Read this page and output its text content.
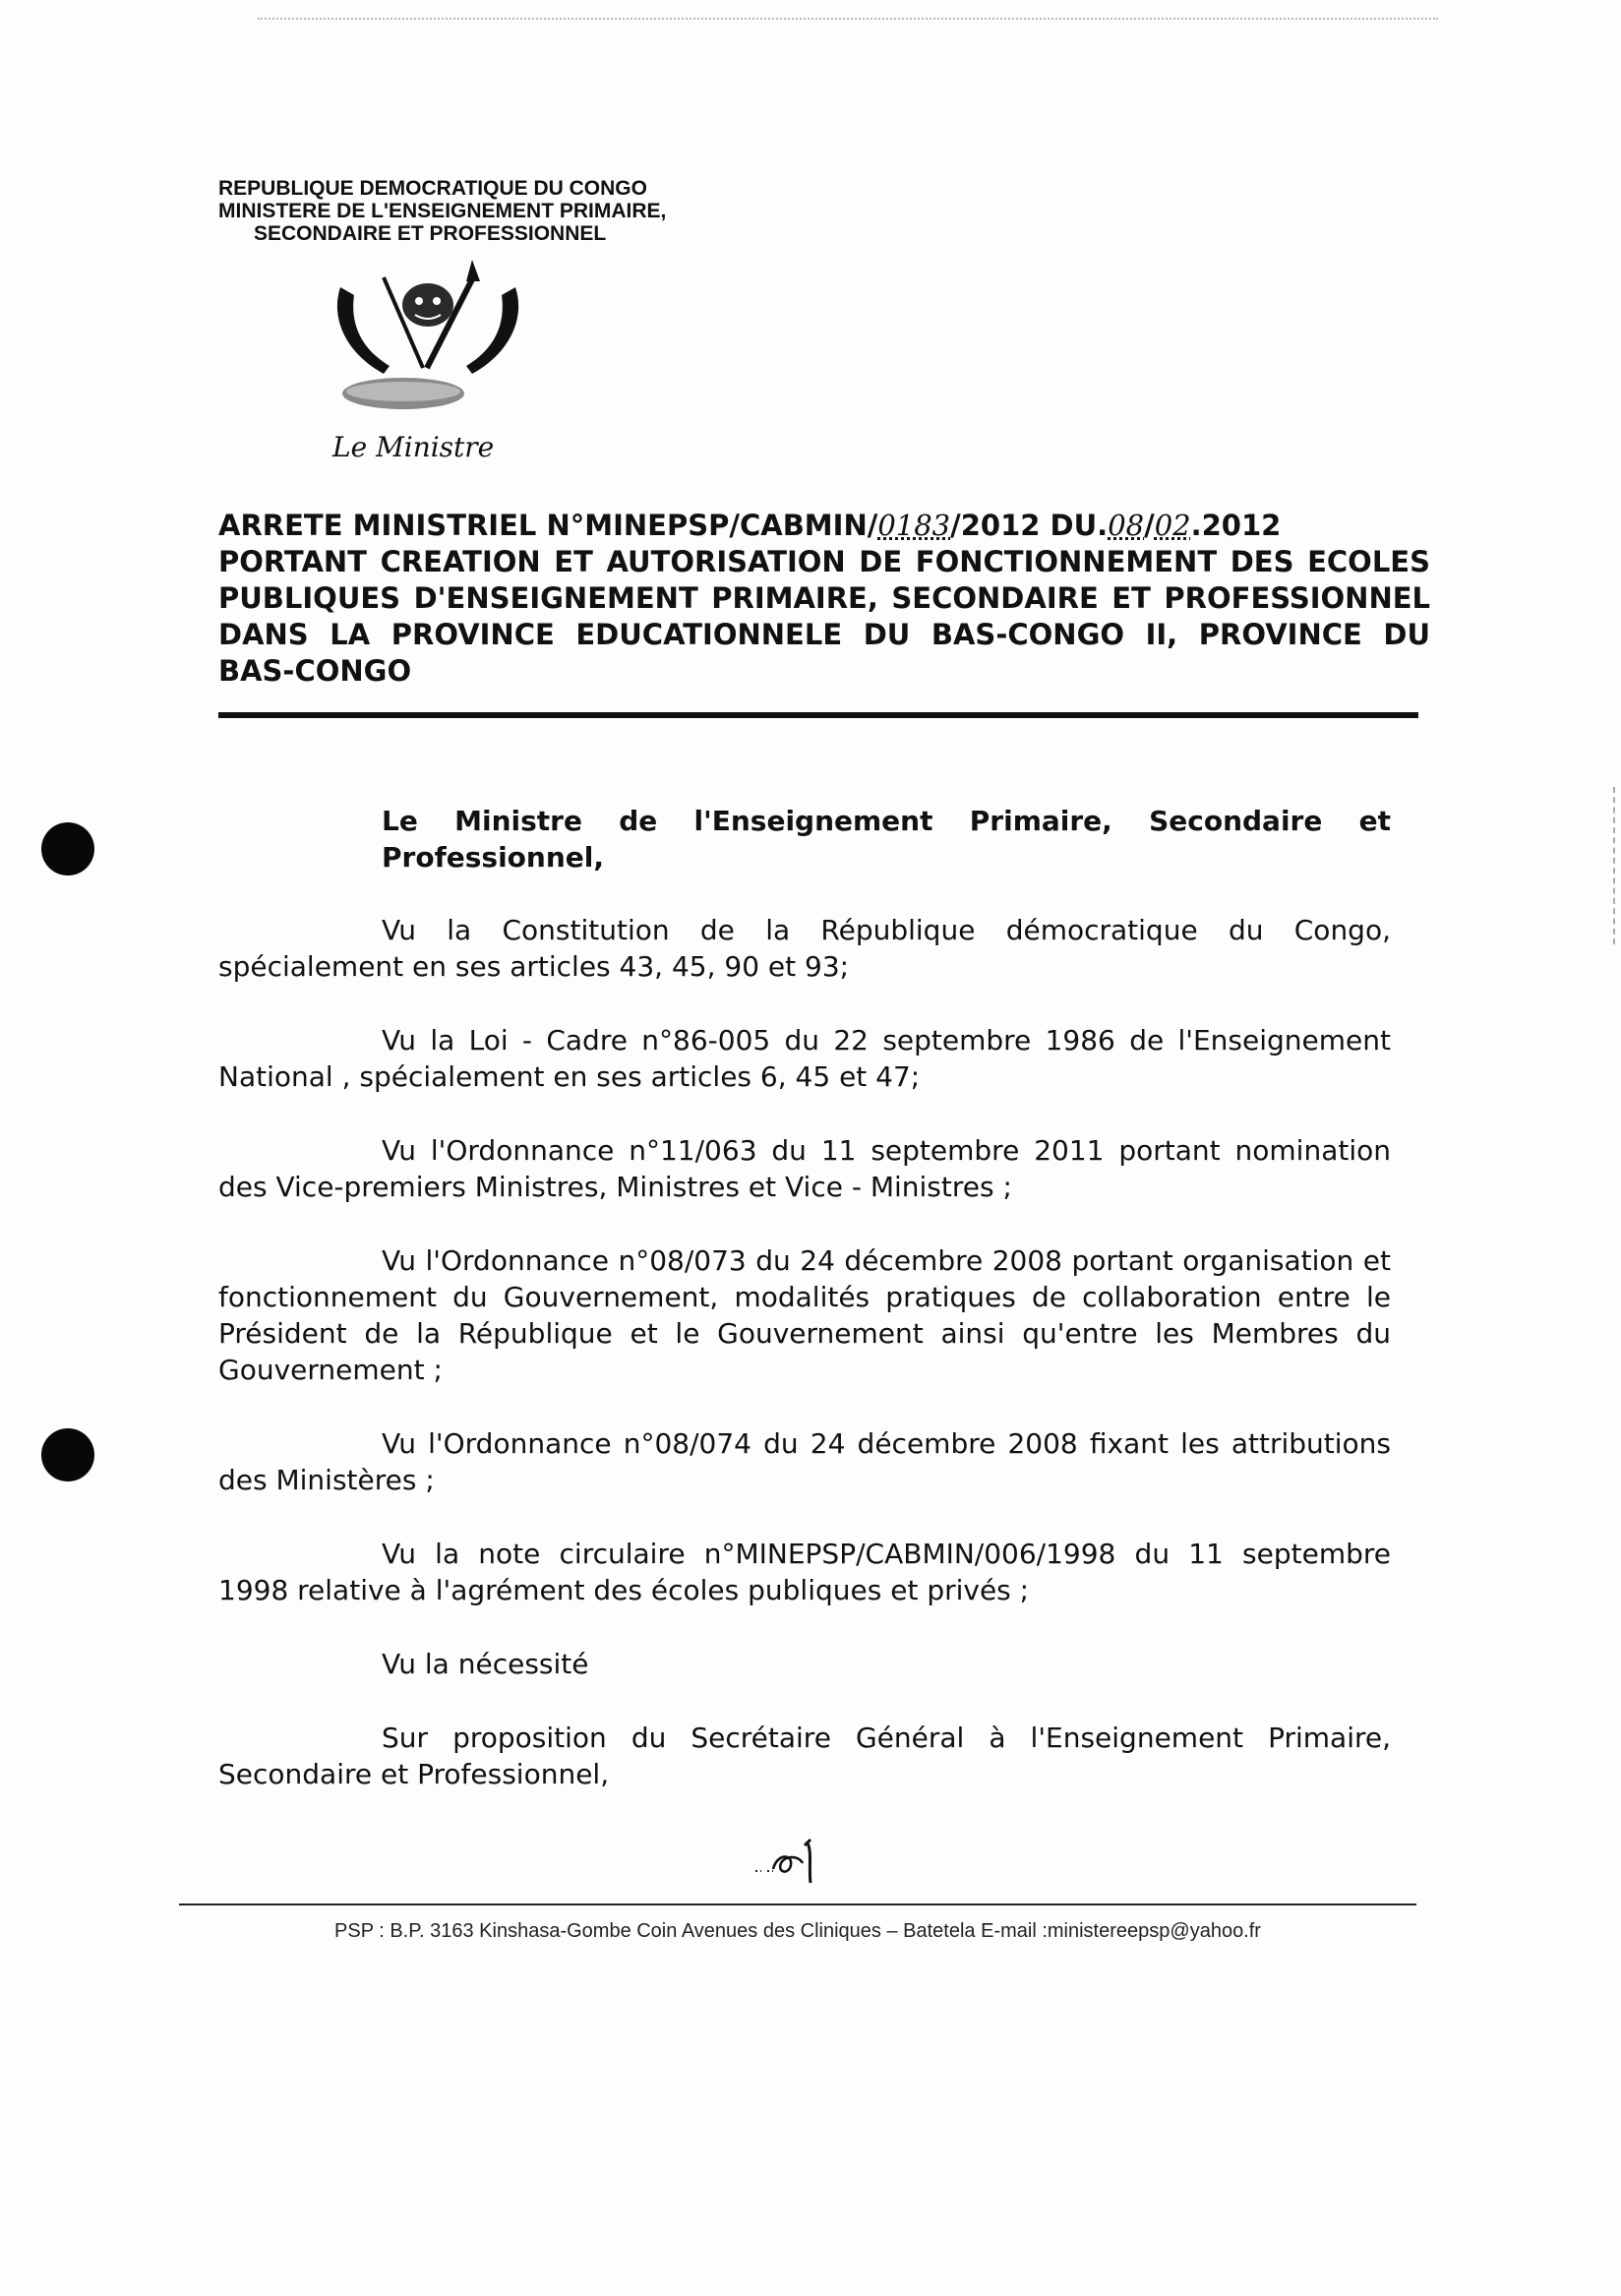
REPUBLIQUE DEMOCRATIQUE DU CONGO
MINISTERE DE L'ENSEIGNEMENT PRIMAIRE,
SECONDAIRE ET PROFESSIONNEL
Le Ministre
ARRETE MINISTRIEL N°MINEPSP/CABMIN/0183/2012 DU.08/02.2012

PORTANT CREATION ET AUTORISATION DE FONCTIONNEMENT DES ECOLES

PUBLIQUES D'ENSEIGNEMENT PRIMAIRE, SECONDAIRE ET PROFESSIONNEL

DANS LA PROVINCE EDUCATIONNELE DU BAS-CONGO II, PROVINCE DU

BAS-CONGO

Le Ministre de l'Enseignement Primaire, Secondaire et Professionnel,

Vu la Constitution de la République démocratique du Congo, spécialement en ses articles 43, 45, 90 et 93;

Vu la Loi - Cadre n°86-005 du 22 septembre 1986 de l'Enseignement National , spécialement en ses articles 6, 45 et 47;

Vu l'Ordonnance n°11/063 du 11 septembre 2011 portant nomination des Vice-premiers Ministres, Ministres et Vice - Ministres ;

Vu l'Ordonnance n°08/073 du 24 décembre 2008 portant organisation et fonctionnement du Gouvernement, modalités pratiques de collaboration entre le Président de la République et le Gouvernement ainsi qu'entre les Membres du Gouvernement ;

Vu l'Ordonnance n°08/074 du 24 décembre 2008 fixant les attributions des Ministères ;

Vu la note circulaire n°MINEPSP/CABMIN/006/1998 du 11 septembre 1998 relative à l'agrément des écoles publiques et privés ;

Vu la nécessité

Sur proposition du Secrétaire Général à l'Enseignement Primaire, Secondaire et Professionnel,

PSP : B.P. 3163 Kinshasa-Gombe Coin Avenues des Cliniques – Batetela E-mail :ministereepsp@yahoo.fr
